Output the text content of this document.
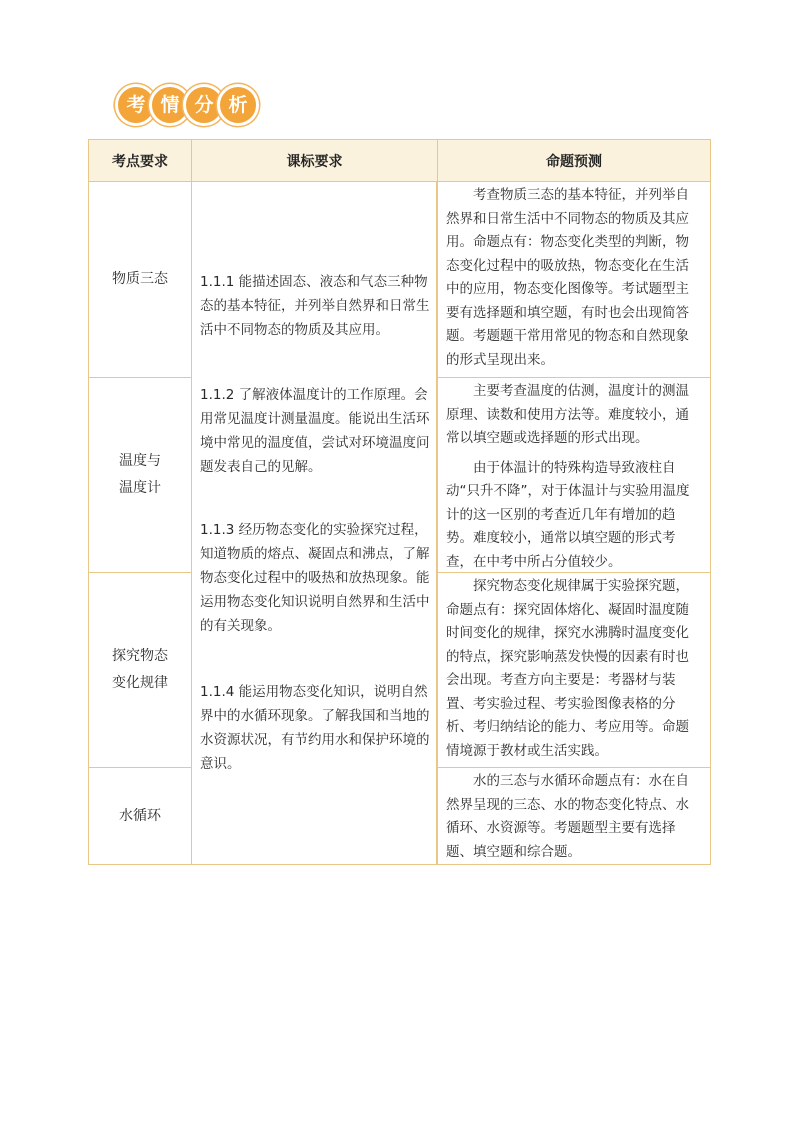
考 情 分 析
考点要求	课标要求	命题预测
物质三态
温度与
温度计
探究物态
变化规律
水循环
1.1.1 能描述固态、液态和气态三种物态的基本特征，并列举自然界和日常生活中不同物态的物质及其应用。
1.1.2 了解液体温度计的工作原理。会用常见温度计测量温度。能说出生活环境中常见的温度值，尝试对环境温度问题发表自己的见解。
1.1.3 经历物态变化的实验探究过程，知道物质的熔点、凝固点和沸点，了解物态变化过程中的吸热和放热现象。能运用物态变化知识说明自然界和生活中的有关现象。
1.1.4 能运用物态变化知识，说明自然界中的水循环现象。了解我国和当地的水资源状况，有节约用水和保护环境的意识。

考查物质三态的基本特征，并列举自然界和日常生活中不同物态的物质及其应用。命题点有：物态变化类型的判断，物态变化过程中的吸放热，物态变化在生活中的应用，物态变化图像等。考试题型主要有选择题和填空题，有时也会出现简答题。考题题干常用常见的物态和自然现象的形式呈现出来。

主要考查温度的估测，温度计的测温原理、读数和使用方法等。难度较小，通常以填空题或选择题的形式出现。

由于体温计的特殊构造导致液柱自动“只升不降”，对于体温计与实验用温度计的这一区别的考查近几年有增加的趋势。难度较小，通常以填空题的形式考查，在中考中所占分值较少。

探究物态变化规律属于实验探究题，命题点有：探究固体熔化、凝固时温度随时间变化的规律，探究水沸腾时温度变化的特点，探究影响蒸发快慢的因素有时也会出现。考查方向主要是：考器材与装置、考实验过程、考实验图像表格的分析、考归纳结论的能力、考应用等。命题情境源于教材或生活实践。

水的三态与水循环命题点有：水在自然界呈现的三态、水的物态变化特点、水循环、水资源等。考题题型主要有选择题、填空题和综合题。
